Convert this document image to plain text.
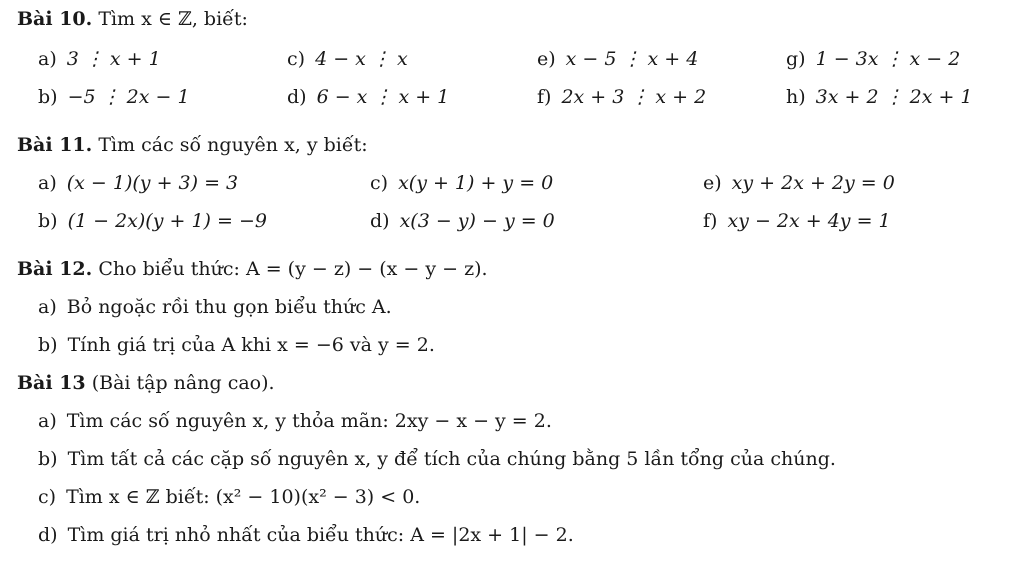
Bài 10. Tìm x ∈ ℤ, biết:
a) 3 ⋮ x + 1	c) 4 − x ⋮ x	e) x − 5 ⋮ x + 4	g) 1 − 3x ⋮ x − 2
b) −5 ⋮ 2x − 1	d) 6 − x ⋮ x + 1	f) 2x + 3 ⋮ x + 2	h) 3x + 2 ⋮ 2x + 1
Bài 11. Tìm các số nguyên x, y biết:
a) (x − 1)(y + 3) = 3	c) x(y + 1) + y = 0	e) xy + 2x + 2y = 0
b) (1 − 2x)(y + 1) = −9	d) x(3 − y) − y = 0	f) xy − 2x + 4y = 1
Bài 12. Cho biểu thức: A = (y − z) − (x − y − z).
a) Bỏ ngoặc rồi thu gọn biểu thức A.
b) Tính giá trị của A khi x = −6 và y = 2.
Bài 13 (Bài tập nâng cao).
a) Tìm các số nguyên x, y thỏa mãn: 2xy − x − y = 2.
b) Tìm tất cả các cặp số nguyên x, y để tích của chúng bằng 5 lần tổng của chúng.
c) Tìm x ∈ ℤ biết: (x² − 10)(x² − 3) < 0.
d) Tìm giá trị nhỏ nhất của biểu thức: A = |2x + 1| − 2.
